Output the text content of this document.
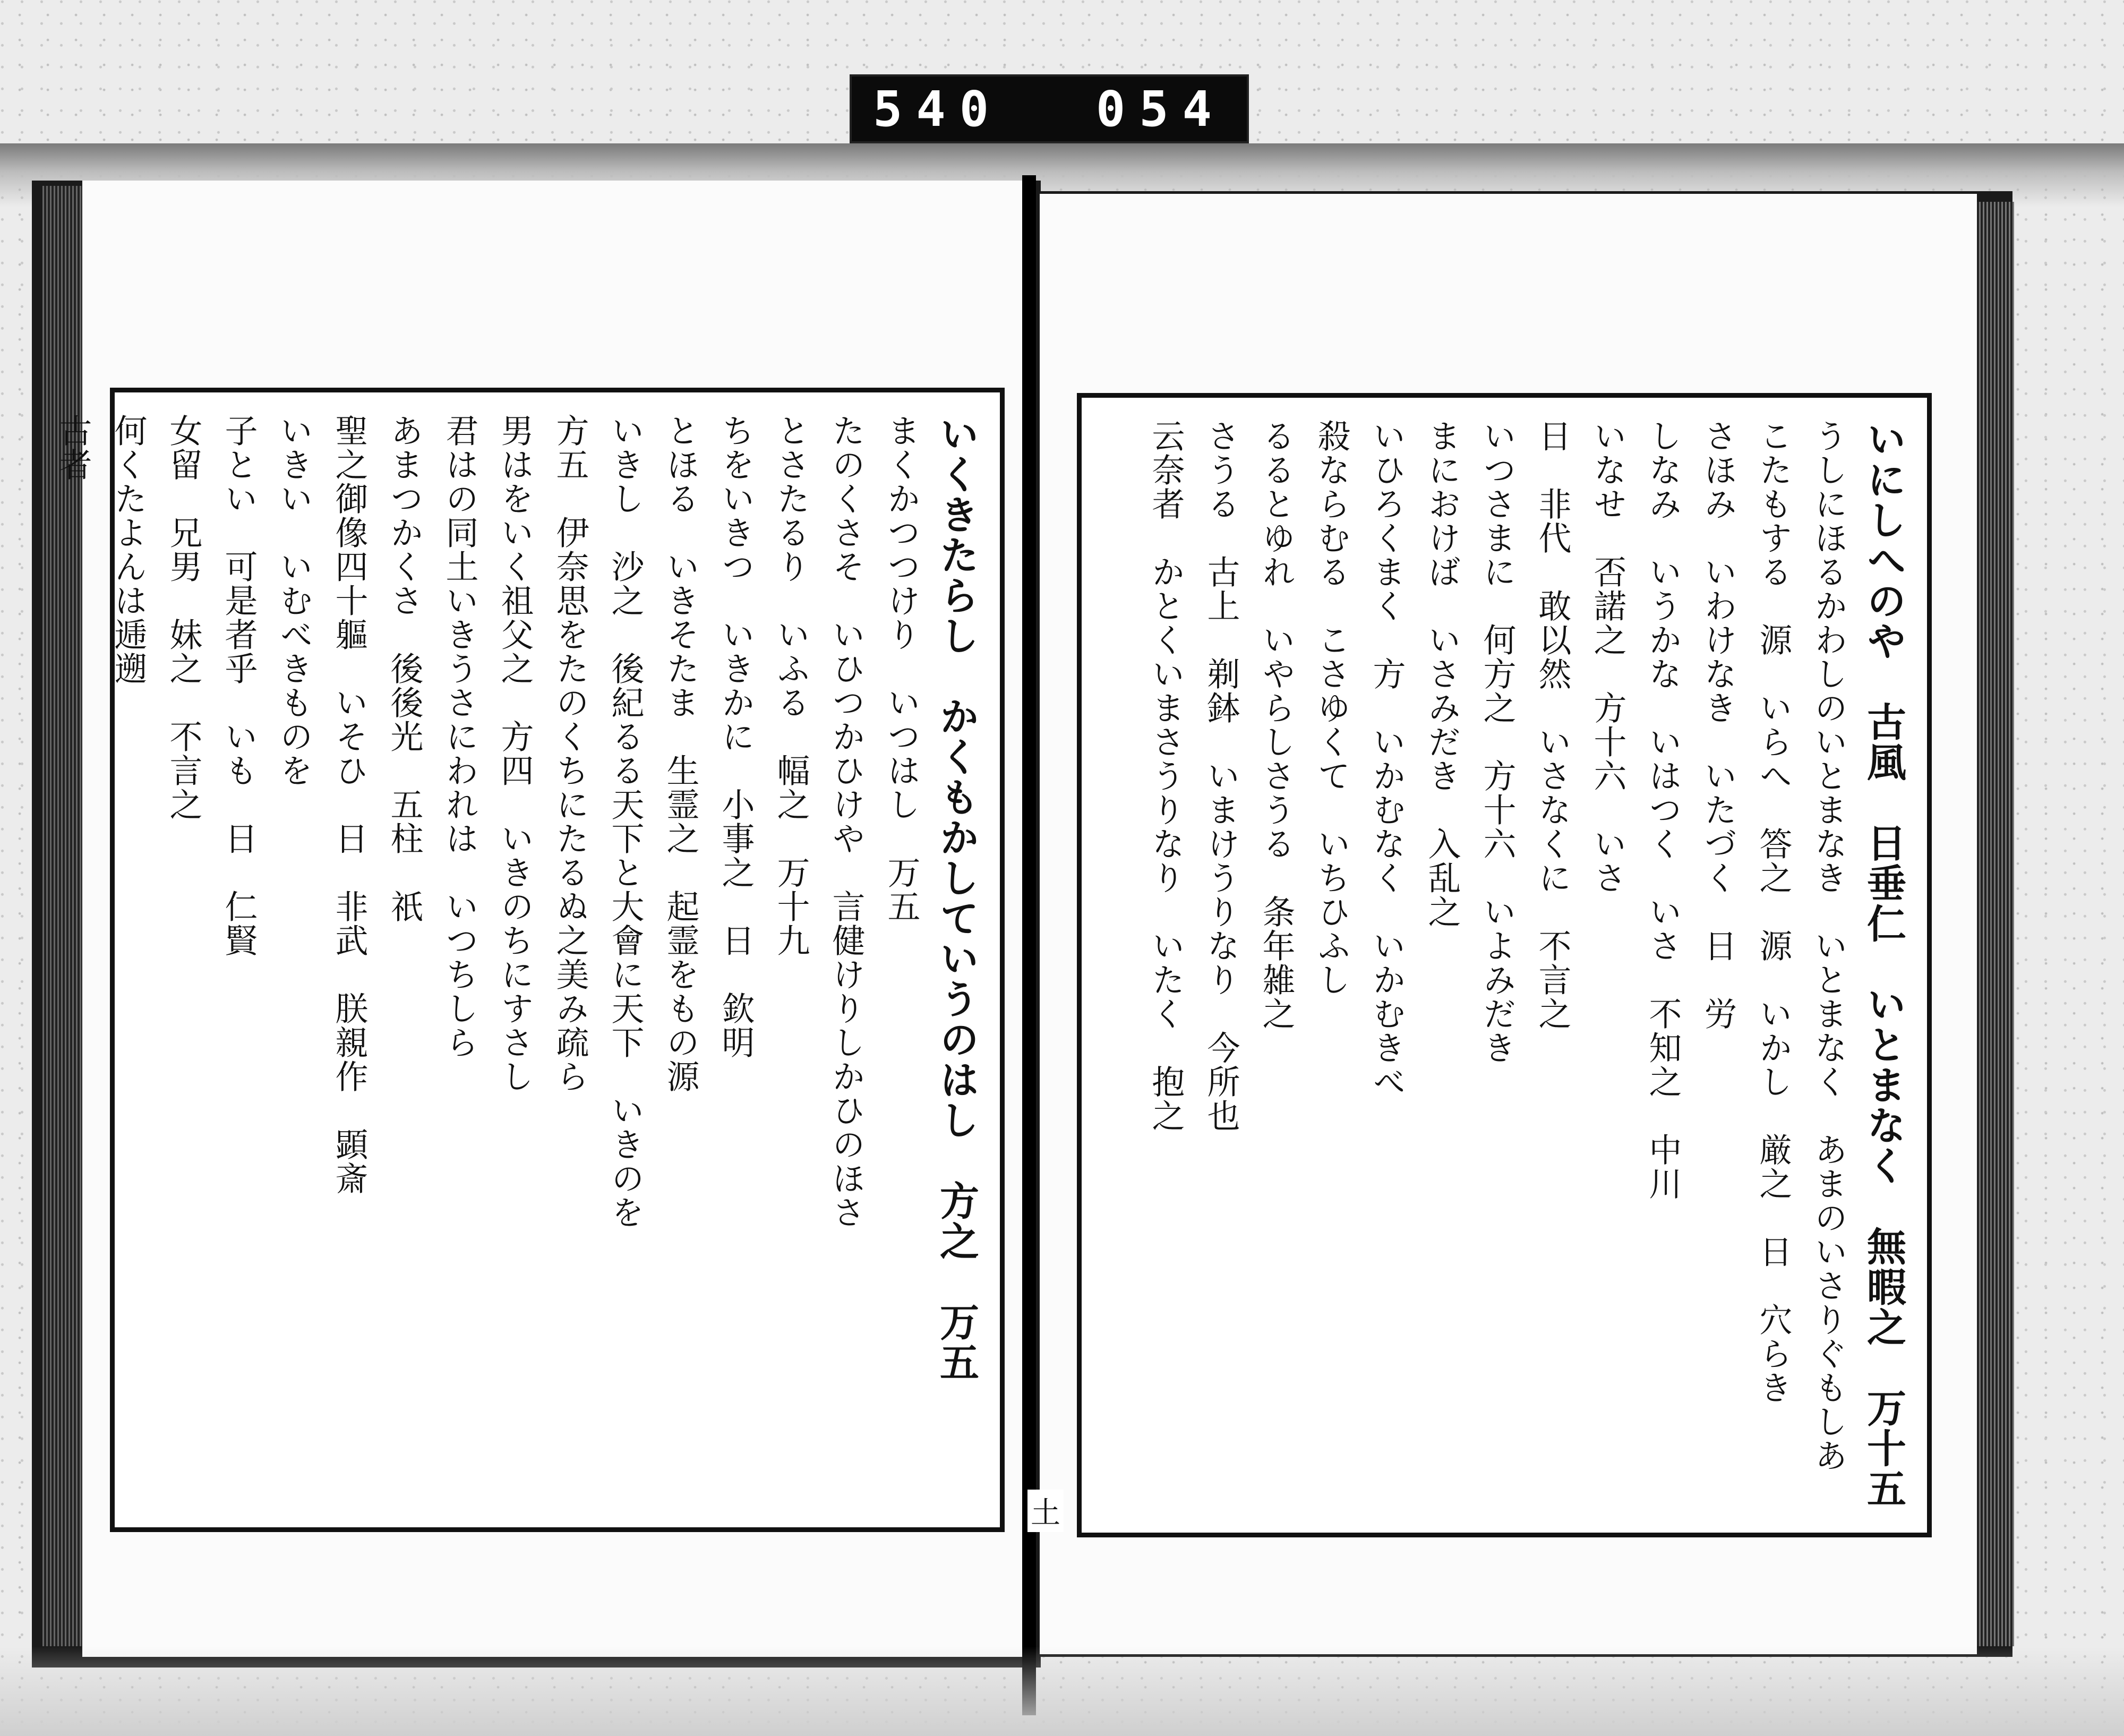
540 054
いくきたらし　かくもかしていうのはし　方之　万五
まくかつつけり　いつはし　万五
たのくさそ　いひつかひけや　言健けりしかひのほさ
とさたるり　いふる　幅之　万十九
ちをいきつ　いきかに　小事之　日　欽明
とほる　いきそたま　生霊之　起霊をもの源
いきし　沙之　後紀るる天下と大會に天下　いきのを
方五　伊奈思をたのくちにたるぬ之美み疏ら
男はをいく祖父之　方四　いきのちにすさし
君はの同土いきうさにわれは　いつちしら
あまつかくさ　後後光　五柱　祇
聖之御像四十軀　いそひ　日　非武　朕親作　顕斎
いきい　いむべきものを
子とい　可是者乎　いも　日　仁賢
女留　兄男　妹之　不言之
何くたよんは逓遡
古者	いにしへのや　古風　日垂仁　いとまなく　無暇之　万十五
うしにほるかわしのいとまなき　いとまなく　あまのいさりぐもしあ
こたもする　源　いらへ　答之　源　いかし　厳之　日　穴らき
さほみ　いわけなき　いたづく　日　労
しなみ　いうかな　いはつく　いさ　不知之　中川
いなせ　否諾之　方十六　いさ
日　非代　敢以然　いさなくに　不言之
いつさまに　何方之　方十六　いよみだき
まにおけば　いさみだき　入乱之
いひろくまく　方　いかむなく　いかむきべ
殺ならむる　こさゆくて　いちひふし
るるとゆれ　いやらしさうる　条年雑之
さうる　古上　剃鉢　いまけうりなり　今所也
云奈者　かとくいまさうりなり　いたく　抱之
土
